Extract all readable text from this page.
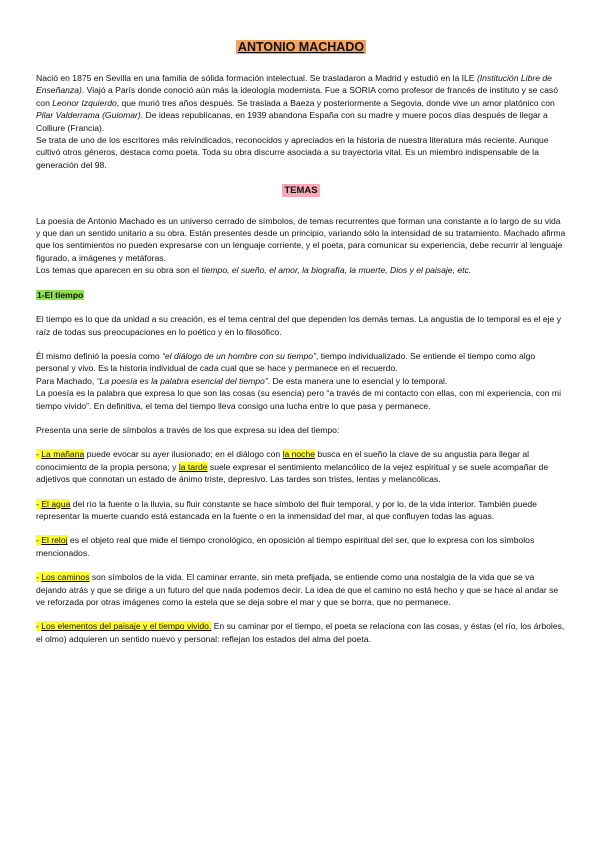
ANTONIO MACHADO

Nació en 1875 en Sevilla en una familia de sólida formación intelectual. Se trasladaron a Madrid y estudió en la ILE (Institución Libre de Enseñanza). Viajó a París donde conoció aún más la ideología modernista. Fue a SORIA como profesor de francés de instituto y se casó con Leonor Izquierdo, que murió tres años después. Se traslada a Baeza y posteriormente a Segovia, donde vive un amor platónico con Pilar Valderrama (Guiomar). De ideas republicanas, en 1939 abandona España con su madre y muere pocos días después de llegar a Colliure (Francia).

Se trata de uno de los escritores más reivindicados, reconocidos y apreciados en la historia de nuestra literatura más reciente. Aunque cultivó otros géneros, destaca como poeta. Toda su obra discurre asociada a su trayectoria vital. Es un miembro indispensable de la generación del 98.

TEMAS

La poesía de Antonio Machado es un universo cerrado de símbolos, de temas recurrentes que forman una constante a lo largo de su vida y que dan un sentido unitario a su obra. Están presentes desde un principio, variando sólo la intensidad de su tratamiento. Machado afirma que los sentimientos no pueden expresarse con un lenguaje corriente, y el poeta, para comunicar su experiencia, debe recurrir al lenguaje figurado, a imágenes y metáforas.

Los temas que aparecen en su obra son el tiempo, el sueño, el amor, la biografía, la muerte, Dios y el paisaje, etc.

1-El tiempo

El tiempo es lo que da unidad a su creación, es el tema central del que dependen los demás temas. La angustia de lo temporal es el eje y raíz de todas sus preocupaciones en lo poético y en lo filosófico.

Él mismo definió la poesía como “el diálogo de un hombre con su tiempo”, tiempo individualizado. Se entiende el tiempo como algo personal y vivo. Es la historia individual de cada cual que se hace y permanece en el recuerdo.

Para Machado, “La poesía es la palabra esencial del tiempo”. De esta manera une lo esencial y lo temporal.

La poesía es la palabra que expresa lo que son las cosas (su esencia) pero “a través de mi contacto con ellas, con mi experiencia, con mi tiempo vivido”. En definitiva, el tema del tiempo lleva consigo una lucha entre lo que pasa y permanece.

Presenta una serie de símbolos a través de los que expresa su idea del tiempo:

- La mañana puede evocar su ayer ilusionado; en el diálogo con la noche busca en el sueño la clave de su angustia para llegar al conocimiento de la propia persona; y la tarde suele expresar el sentimiento melancólico de la vejez espiritual y se suele acompañar de adjetivos que connotan un estado de ánimo triste, depresivo. Las tardes son tristes, lentas y melancólicas.

- El agua del río la fuente o la lluvia, su fluir constante se hace símbolo del fluir temporal, y por lo, de la vida interior. También puede representar la muerte cuando está estancada en la fuente o en la inmensidad del mar, al que confluyen todas las aguas.

- El reloj es el objeto real que mide el tiempo cronológico, en oposición al tiempo espiritual del ser, que lo expresa con los símbolos mencionados.

- Los caminos son símbolos de la vida. El caminar errante, sin meta prefijada, se entiende como una nostalgia de la vida que se va dejando atrás y que se dirige a un futuro del que nada podemos decir. La idea de que el camino no está hecho y que se hace al andar se ve reforzada por otras imágenes como la estela que se deja sobre el mar y que se borra, que no permanece.

- Los elementos del paisaje y el tiempo vivido. En su caminar por el tiempo, el poeta se relaciona con las cosas, y éstas (el río, los árboles, el olmo) adquieren un sentido nuevo y personal: reflejan los estados del alma del poeta.
